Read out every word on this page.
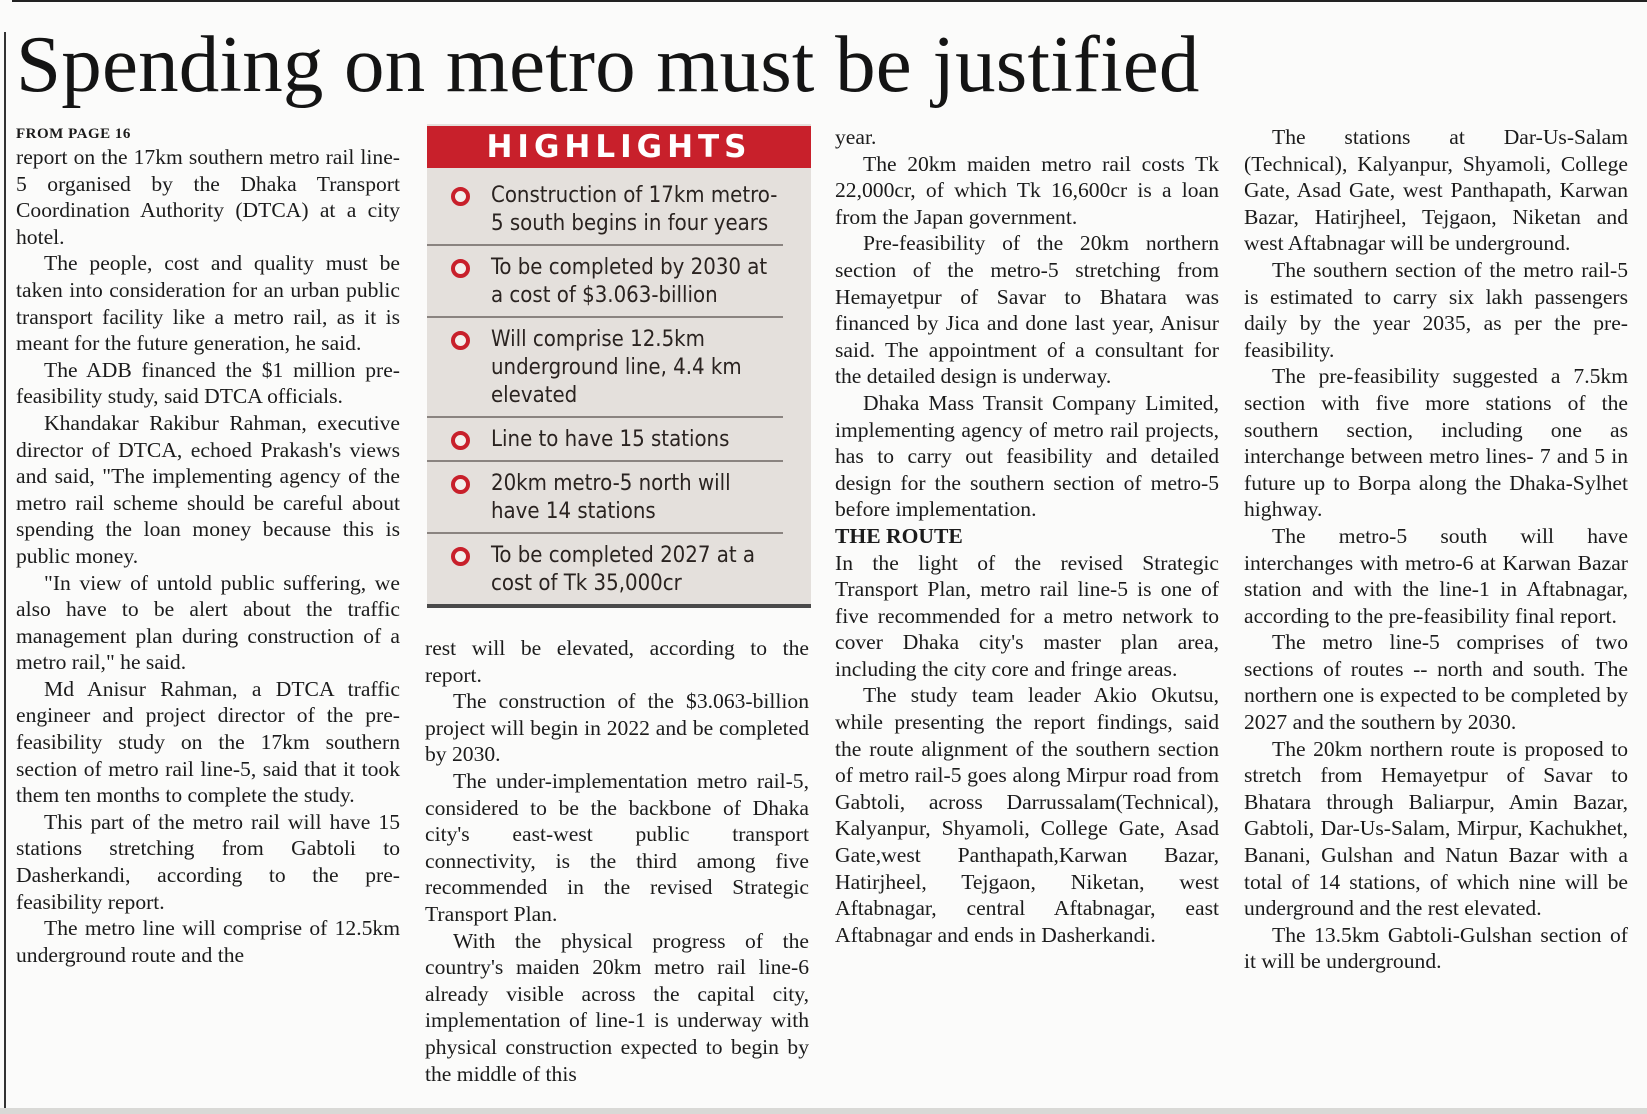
Spending on metro must be justified
FROM PAGE 16

report on the 17km southern metro rail line-5 organised by the Dhaka Transport Coordination Authority (DTCA) at a city hotel.

The people, cost and quality must be taken into consideration for an urban public transport facility like a metro rail, as it is meant for the future generation, he said.

The ADB financed the $1 million pre-feasibility study, said DTCA officials.

Khandakar Rakibur Rahman, executive director of DTCA, echoed Prakash's views and said, "The implementing agency of the metro rail scheme should be careful about spending the loan money because this is public money.

"In view of untold public suffering, we also have to be alert about the traffic management plan during construction of a metro rail," he said.

Md Anisur Rahman, a DTCA traffic engineer and project director of the pre-feasibility study on the 17km southern section of metro rail line-5, said that it took them ten months to complete the study.

This part of the metro rail will have 15 stations stretching from Gabtoli to Dasherkandi, according to the pre-feasibility report.

The metro line will comprise of 12.5km underground route and the

HIGHLIGHTS
Construction of 17km metro-5 south begins in four years
To be completed by 2030 at a cost of $3.063-billion
Will comprise 12.5km underground line, 4.4 km elevated
Line to have 15 stations
20km metro-5 north will have 14 stations
To be completed 2027 at a cost of Tk 35,000cr

rest will be elevated, according to the report.

The construction of the $3.063-billion project will begin in 2022 and be completed by 2030.

The under-implementation metro rail-5, considered to be the backbone of Dhaka city's east-west public transport connectivity, is the third among five recommended in the revised Strategic Transport Plan.

With the physical progress of the country's maiden 20km metro rail line-6 already visible across the capital city, implementation of line-1 is underway with physical construction expected to begin by the middle of this

year.

The 20km maiden metro rail costs Tk 22,000cr, of which Tk 16,600cr is a loan from the Japan government.

Pre-feasibility of the 20km northern section of the metro-5 stretching from Hemayetpur of Savar to Bhatara was financed by Jica and done last year, Anisur said. The appointment of a consultant for the detailed design is underway.

Dhaka Mass Transit Company Limited, implementing agency of metro rail projects, has to carry out feasibility and detailed design for the southern section of metro-5 before implementation.

THE ROUTE

In the light of the revised Strategic Transport Plan, metro rail line-5 is one of five recommended for a metro network to cover Dhaka city's master plan area, including the city core and fringe areas.

The study team leader Akio Okutsu, while presenting the report findings, said the route alignment of the southern section of metro rail-5 goes along Mirpur road from Gabtoli, across Darrussalam(Technical), Kalyanpur, Shyamoli, College Gate, Asad Gate,west Panthapath,Karwan Bazar, Hatirjheel, Tejgaon, Niketan, west Aftabnagar, central Aftabnagar, east Aftabnagar and ends in Dasherkandi.

The stations at Dar-Us-Salam (Technical), Kalyanpur, Shyamoli, College Gate, Asad Gate, west Panthapath, Karwan Bazar, Hatirjheel, Tejgaon, Niketan and west Aftabnagar will be underground.

The southern section of the metro rail-5 is estimated to carry six lakh passengers daily by the year 2035, as per the pre-feasibility.

The pre-feasibility suggested a 7.5km section with five more stations of the southern section, including one as interchange between metro lines- 7 and 5 in future up to Borpa along the Dhaka-Sylhet highway.

The metro-5 south will have interchanges with metro-6 at Karwan Bazar station and with the line-1 in Aftabnagar, according to the pre-feasibility final report.

The metro line-5 comprises of two sections of routes -- north and south. The northern one is expected to be completed by 2027 and the southern by 2030.

The 20km northern route is proposed to stretch from Hemayetpur of Savar to Bhatara through Baliarpur, Amin Bazar, Gabtoli, Dar-Us-Salam, Mirpur, Kachukhet, Banani, Gulshan and Natun Bazar with a total of 14 stations, of which nine will be underground and the rest elevated.

The 13.5km Gabtoli-Gulshan section of it will be underground.
